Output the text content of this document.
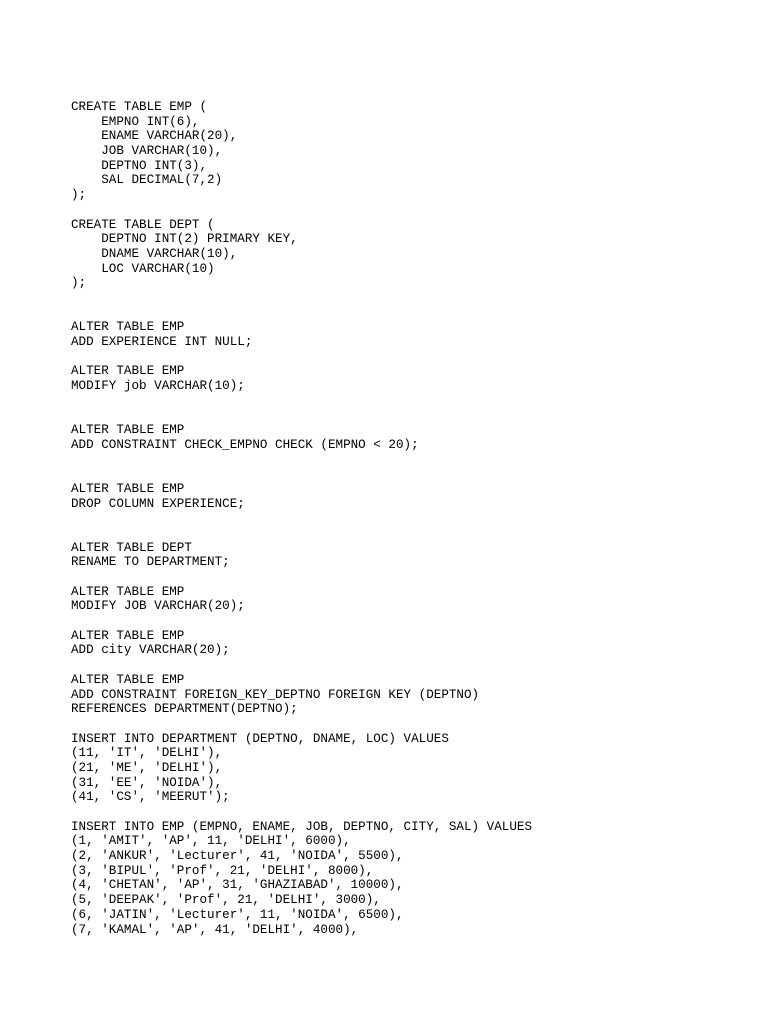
CREATE TABLE EMP (
EMPNO INT(6),
ENAME VARCHAR(20),
JOB VARCHAR(10),
DEPTNO INT(3),
SAL DECIMAL(7,2)
);
CREATE TABLE DEPT (
DEPTNO INT(2) PRIMARY KEY,
DNAME VARCHAR(10),
LOC VARCHAR(10)
);
ALTER TABLE EMP
ADD EXPERIENCE INT NULL;
ALTER TABLE EMP
MODIFY job VARCHAR(10);
ALTER TABLE EMP
ADD CONSTRAINT CHECK_EMPNO CHECK (EMPNO < 20);
ALTER TABLE EMP
DROP COLUMN EXPERIENCE;
ALTER TABLE DEPT
RENAME TO DEPARTMENT;
ALTER TABLE EMP
MODIFY JOB VARCHAR(20);
ALTER TABLE EMP
ADD city VARCHAR(20);
ALTER TABLE EMP
ADD CONSTRAINT FOREIGN_KEY_DEPTNO FOREIGN KEY (DEPTNO)
REFERENCES DEPARTMENT(DEPTNO);
INSERT INTO DEPARTMENT (DEPTNO, DNAME, LOC) VALUES
(11, 'IT', 'DELHI'),
(21, 'ME', 'DELHI'),
(31, 'EE', 'NOIDA'),
(41, 'CS', 'MEERUT');
INSERT INTO EMP (EMPNO, ENAME, JOB, DEPTNO, CITY, SAL) VALUES
(1, 'AMIT', 'AP', 11, 'DELHI', 6000),
(2, 'ANKUR', 'Lecturer', 41, 'NOIDA', 5500),
(3, 'BIPUL', 'Prof', 21, 'DELHI', 8000),
(4, 'CHETAN', 'AP', 31, 'GHAZIABAD', 10000),
(5, 'DEEPAK', 'Prof', 21, 'DELHI', 3000),
(6, 'JATIN', 'Lecturer', 11, 'NOIDA', 6500),
(7, 'KAMAL', 'AP', 41, 'DELHI', 4000),
